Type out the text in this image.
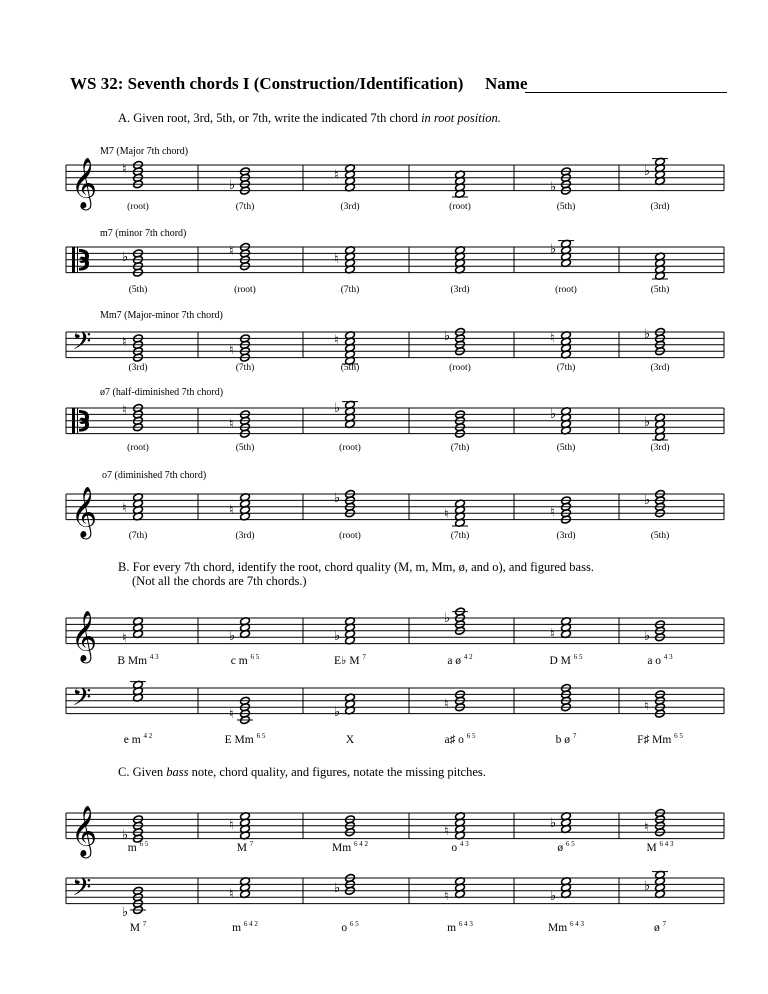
WS 32: Seventh chords I (Construction/Identification) Name
A. Given root, 3rd, 5th, or 7th, write the indicated 7th chord in root position.
B. For every 7th chord, identify the root, chord quality (M, m, Mm, ø, and o), and figured bass.
(Not all the chords are 7th chords.)
C. Given bass note, chord quality, and figures, notate the missing pitches.
𝄞 ♮
♭
♮
♭
♭
♭	♮
♮
♭
𝄢 ♮
♮
♮	♭	♮	♭
♮
♮
♭	♭
♭
𝄞 ♮	♮
♭
♮	♮
♭
𝄞 ♮	♭	♭
♭
♮	♭
𝄢	♮	♭
♮	♮
𝄞 ♭
♮	♮
♭	♮
𝄢
♭
♮	♭
♮	♭
♭
M7 (Major 7th chord)
(root)	(7th)	(3rd)	(root)	(5th)	(3rd)
m7 (minor 7th chord)
(5th)	(root)	(7th)	(3rd)	(root)	(5th)
Mm7 (Major-minor 7th chord)
(3rd)	(7th)	(5th)	(root)	(7th)	(3rd)
ø7 (half-diminished 7th chord)
(root)	(5th)	(root)	(7th)	(5th)	(3rd)
o7 (diminished 7th chord)
(7th)	(3rd)	(root)	(7th)	(3rd)	(5th)
B Mm $^{4 3}$	c m $^{6 5}$	E♭ M $^7$	a ø $^{4 2}$	D M $^{6 5}$	a o $^{4 3}$
e m $^{4 2}$	E Mm $^{6 5}$	X	a♯ o $^{6 5}$	b ø $^7$	F♯ Mm $^{6 5}$
m $^{6 5}$	M $^7$	Mm $^{6 4 2}$	o $^{4 3}$	ø $^{6 5}$	M $^{6 4 3}$
M $^7$	m $^{6 4 2}$	o $^{6 5}$	m $^{6 4 3}$	Mm $^{6 4 3}$	ø $^7$
